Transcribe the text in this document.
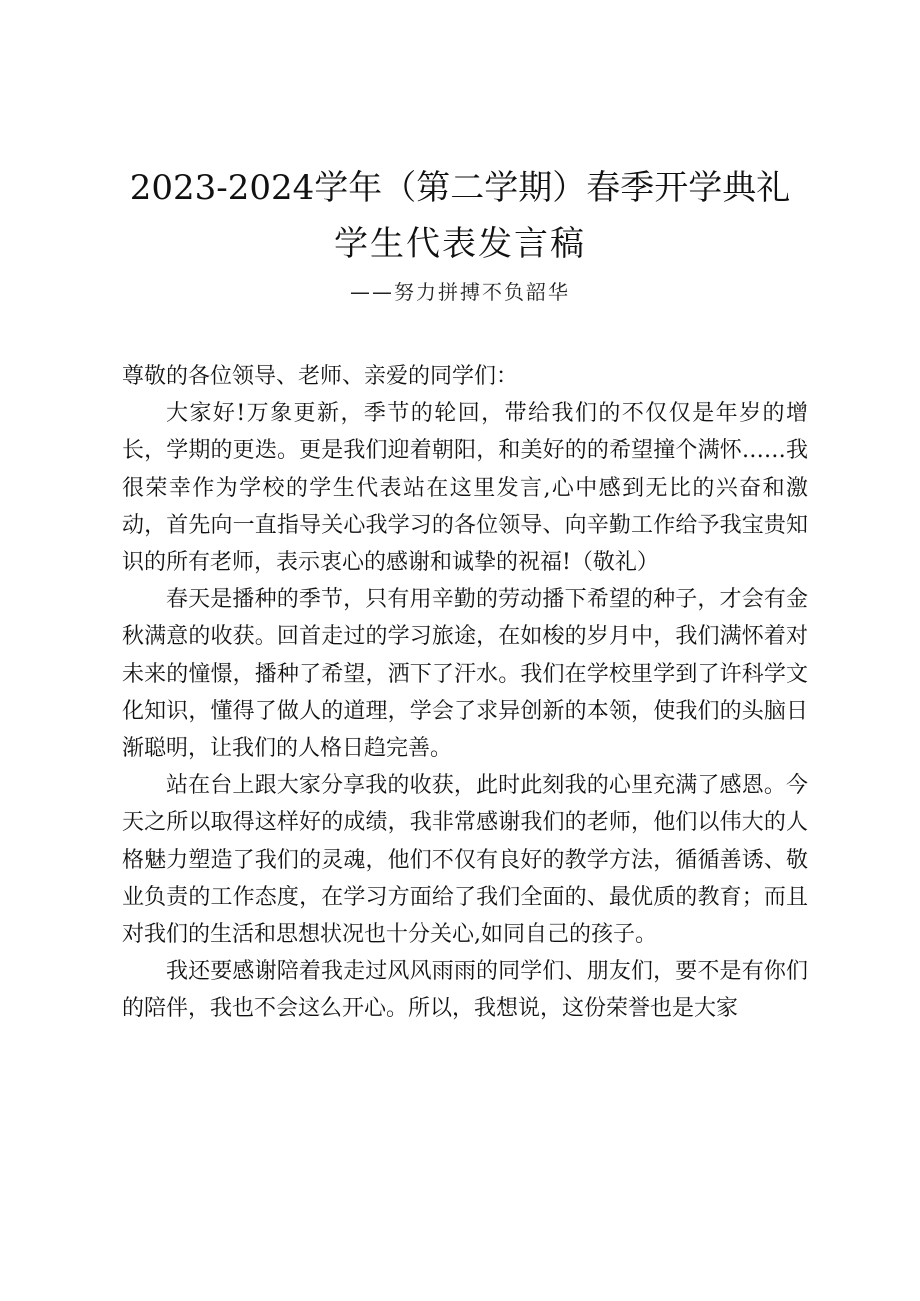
2023-2024学年（第二学期）春季开学典礼
学生代表发言稿
——努力拼搏不负韶华

尊敬的各位领导、老师、亲爱的同学们：

大家好!万象更新，季节的轮回，带给我们的不仅仅是年岁的增长，学期的更迭。更是我们迎着朝阳，和美好的的希望撞个满怀……我很荣幸作为学校的学生代表站在这里发言,心中感到无比的兴奋和激动，首先向一直指导关心我学习的各位领导、向辛勤工作给予我宝贵知识的所有老师，表示衷心的感谢和诚挚的祝福!（敬礼）

春天是播种的季节，只有用辛勤的劳动播下希望的种子，才会有金秋满意的收获。回首走过的学习旅途，在如梭的岁月中，我们满怀着对未来的憧憬，播种了希望，洒下了汗水。我们在学校里学到了许科学文化知识，懂得了做人的道理，学会了求异创新的本领，使我们的头脑日渐聪明，让我们的人格日趋完善。

站在台上跟大家分享我的收获，此时此刻我的心里充满了感恩。今天之所以取得这样好的成绩，我非常感谢我们的老师，他们以伟大的人格魅力塑造了我们的灵魂，他们不仅有良好的教学方法，循循善诱、敬业负责的工作态度，在学习方面给了我们全面的、最优质的教育；而且对我们的生活和思想状况也十分关心,如同自己的孩子。

我还要感谢陪着我走过风风雨雨的同学们、朋友们，要不是有你们的陪伴，我也不会这么开心。所以，我想说，这份荣誉也是大家
